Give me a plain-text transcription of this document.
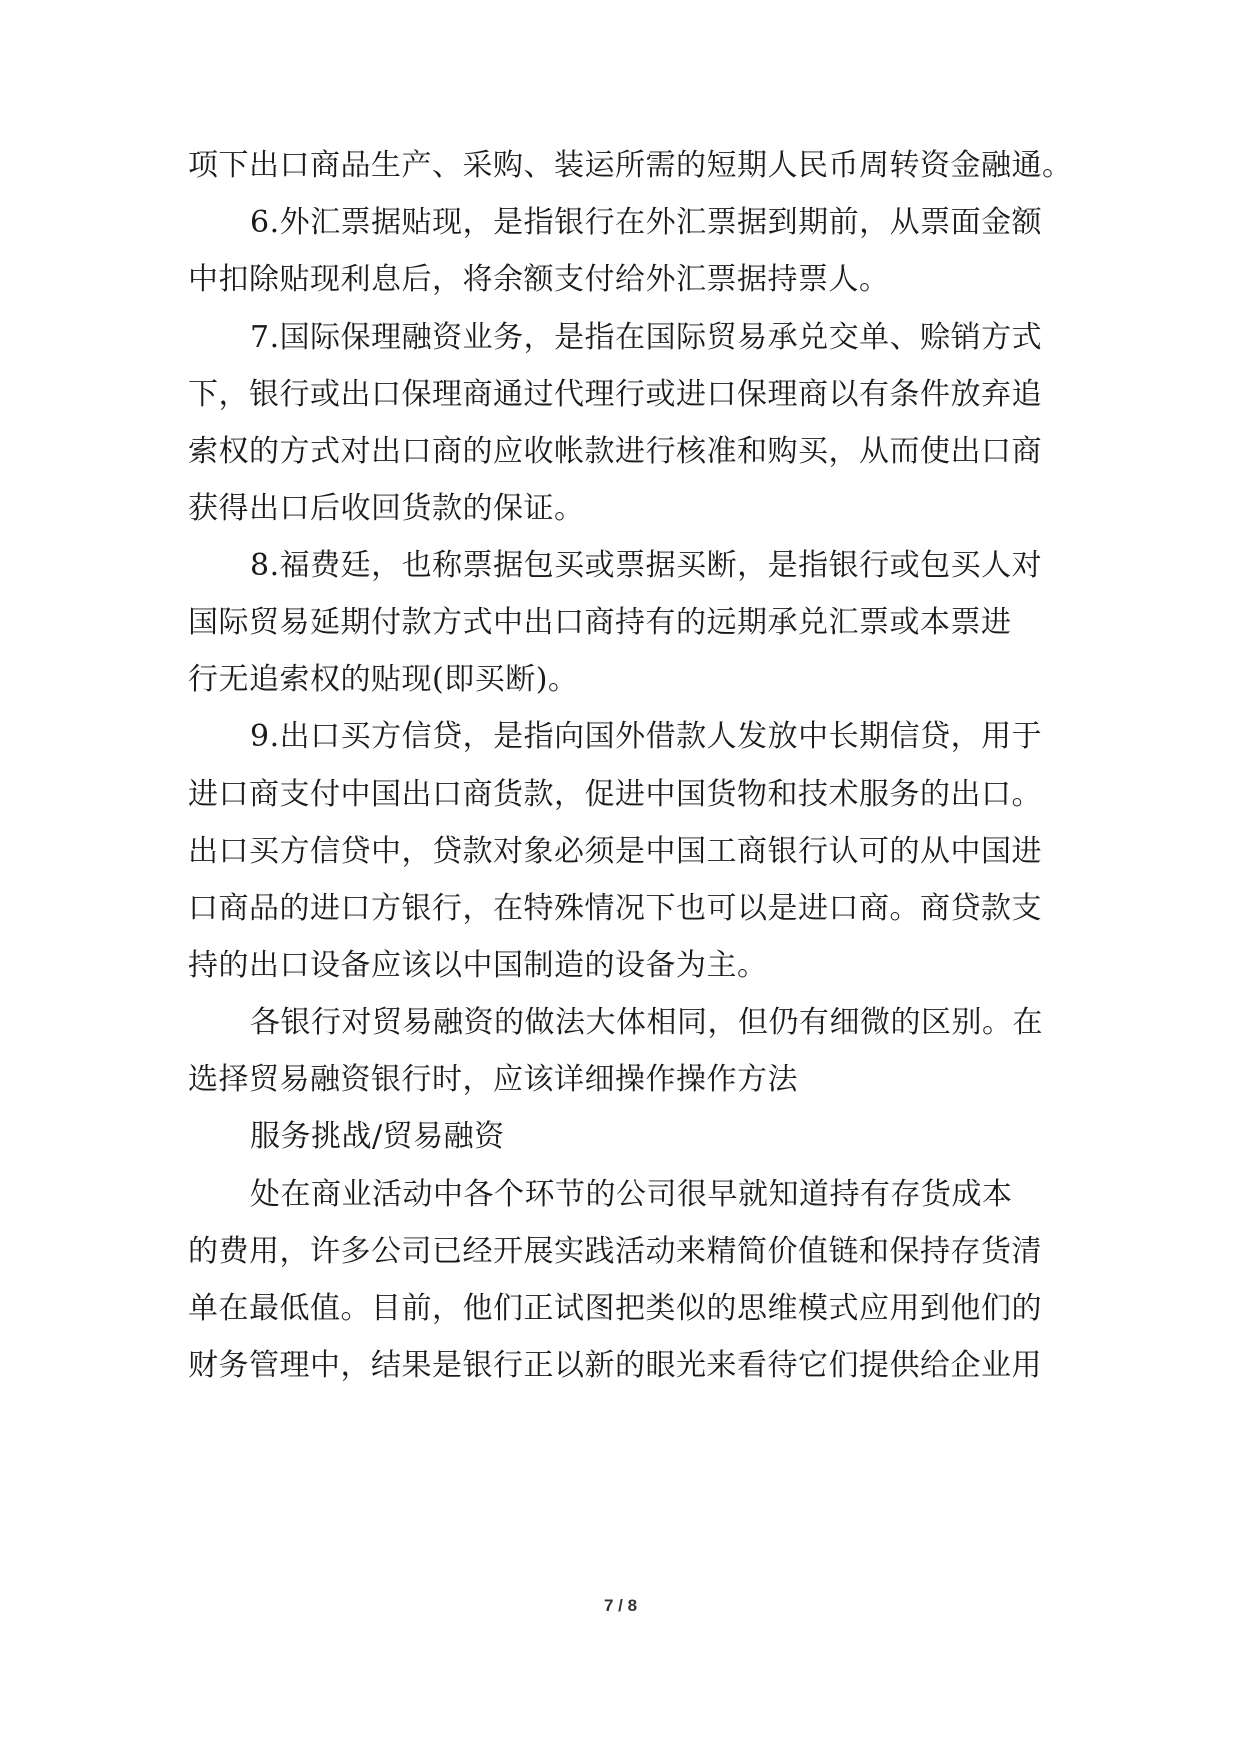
项下出口商品生产、采购、装运所需的短期人民币周转资金融通。
6.外汇票据贴现，是指银行在外汇票据到期前，从票面金额
中扣除贴现利息后，将余额支付给外汇票据持票人。
7.国际保理融资业务，是指在国际贸易承兑交单、赊销方式
下，银行或出口保理商通过代理行或进口保理商以有条件放弃追
索权的方式对出口商的应收帐款进行核准和购买，从而使出口商
获得出口后收回货款的保证。
8.福费廷，也称票据包买或票据买断，是指银行或包买人对
国际贸易延期付款方式中出口商持有的远期承兑汇票或本票进
行无追索权的贴现(即买断)。
9.出口买方信贷，是指向国外借款人发放中长期信贷，用于
进口商支付中国出口商货款，促进中国货物和技术服务的出口。
出口买方信贷中，贷款对象必须是中国工商银行认可的从中国进
口商品的进口方银行，在特殊情况下也可以是进口商。商贷款支
持的出口设备应该以中国制造的设备为主。
各银行对贸易融资的做法大体相同，但仍有细微的区别。在
选择贸易融资银行时，应该详细操作操作方法
服务挑战/贸易融资
处在商业活动中各个环节的公司很早就知道持有存货成本
的费用，许多公司已经开展实践活动来精简价值链和保持存货清
单在最低值。目前，他们正试图把类似的思维模式应用到他们的
财务管理中，结果是银行正以新的眼光来看待它们提供给企业用
7 / 8
